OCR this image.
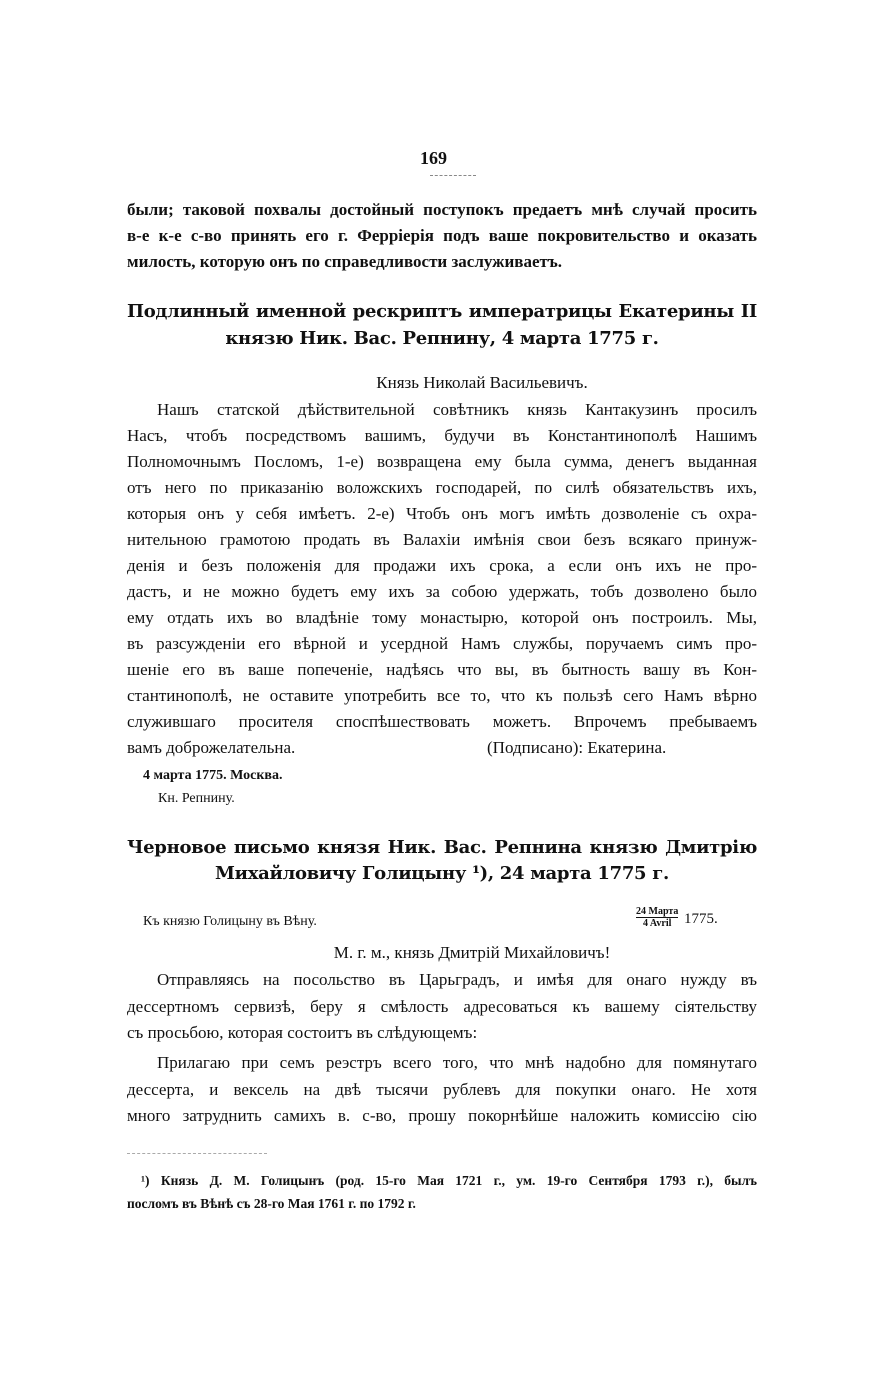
169
были; таковой похвалы достойный поступокъ предаетъ мнѣ случай просить
в-е к-е с-во принять его г. Ферріерія подъ ваше покровительство и оказать
милость, которую онъ по справедливости заслуживаетъ.
Подлинный именной рескриптъ императрицы Екатерины II
князю Ник. Вас. Репнину, 4 марта 1775 г.
Князь Николай Васильевичъ.
Нашъ статской дѣйствительной совѣтникъ князь Кантакузинъ просилъ
Насъ, чтобъ посредствомъ вашимъ, будучи въ Константинополѣ Нашимъ
Полномочнымъ Посломъ, 1-е) возвращена ему была сумма, денегъ выданная
отъ него по приказанію воложскихъ господарей, по силѣ обязательствъ ихъ,
которыя онъ у себя имѣетъ. 2-е) Чтобъ онъ могъ имѣть дозволеніе съ охра-
нительною грамотою продать въ Валахіи имѣнія свои безъ всякаго принуж-
денія и безъ положенія для продажи ихъ срока, а если онъ ихъ не про-
дастъ, и не можно будетъ ему ихъ за собою удержать, тобъ дозволено было
ему отдать ихъ во владѣніе тому монастырю, которой онъ построилъ. Мы,
въ разсужденіи его вѣрной и усердной Намъ службы, поручаемъ симъ про-
шеніе его въ ваше попеченіе, надѣясь что вы, въ бытность вашу въ Кон-
стантинополѣ, не оставите употребить все то, что къ пользѣ сего Намъ вѣрно
служившаго просителя споспѣшествовать можетъ. Впрочемъ пребываемъ
вамъ доброжелательна.	(Подписано): Екатерина.
4 марта 1775. Москва.
Кн. Репнину.
Черновое письмо князя Ник. Вас. Репнина князю Дмитрію
Михайловичу Голицыну ¹), 24 марта 1775 г.
Къ князю Голицыну въ Вѣну.
24 Марта
4 Avril 1775.
М. г. м., князь Дмитрій Михайловичъ!
Отправляясь на посольство въ Царьградъ, и имѣя для онаго нужду въ
дессертномъ сервизѣ, беру я смѣлость адресоваться къ вашему сіятельству
съ просьбою, которая состоитъ въ слѣдующемъ:
Прилагаю при семъ реэстръ всего того, что мнѣ надобно для помянутаго
дессерта, и вексель на двѣ тысячи рублевъ для покупки онаго. Не хотя
много затруднить самихъ в. с-во, прошу покорнѣйше наложить комиссію сію
¹) Князь Д. М. Голицынъ (род. 15-го Мая 1721 г., ум. 19-го Сентября 1793 г.), былъ
посломъ въ Вѣнѣ съ 28-го Мая 1761 г. по 1792 г.
